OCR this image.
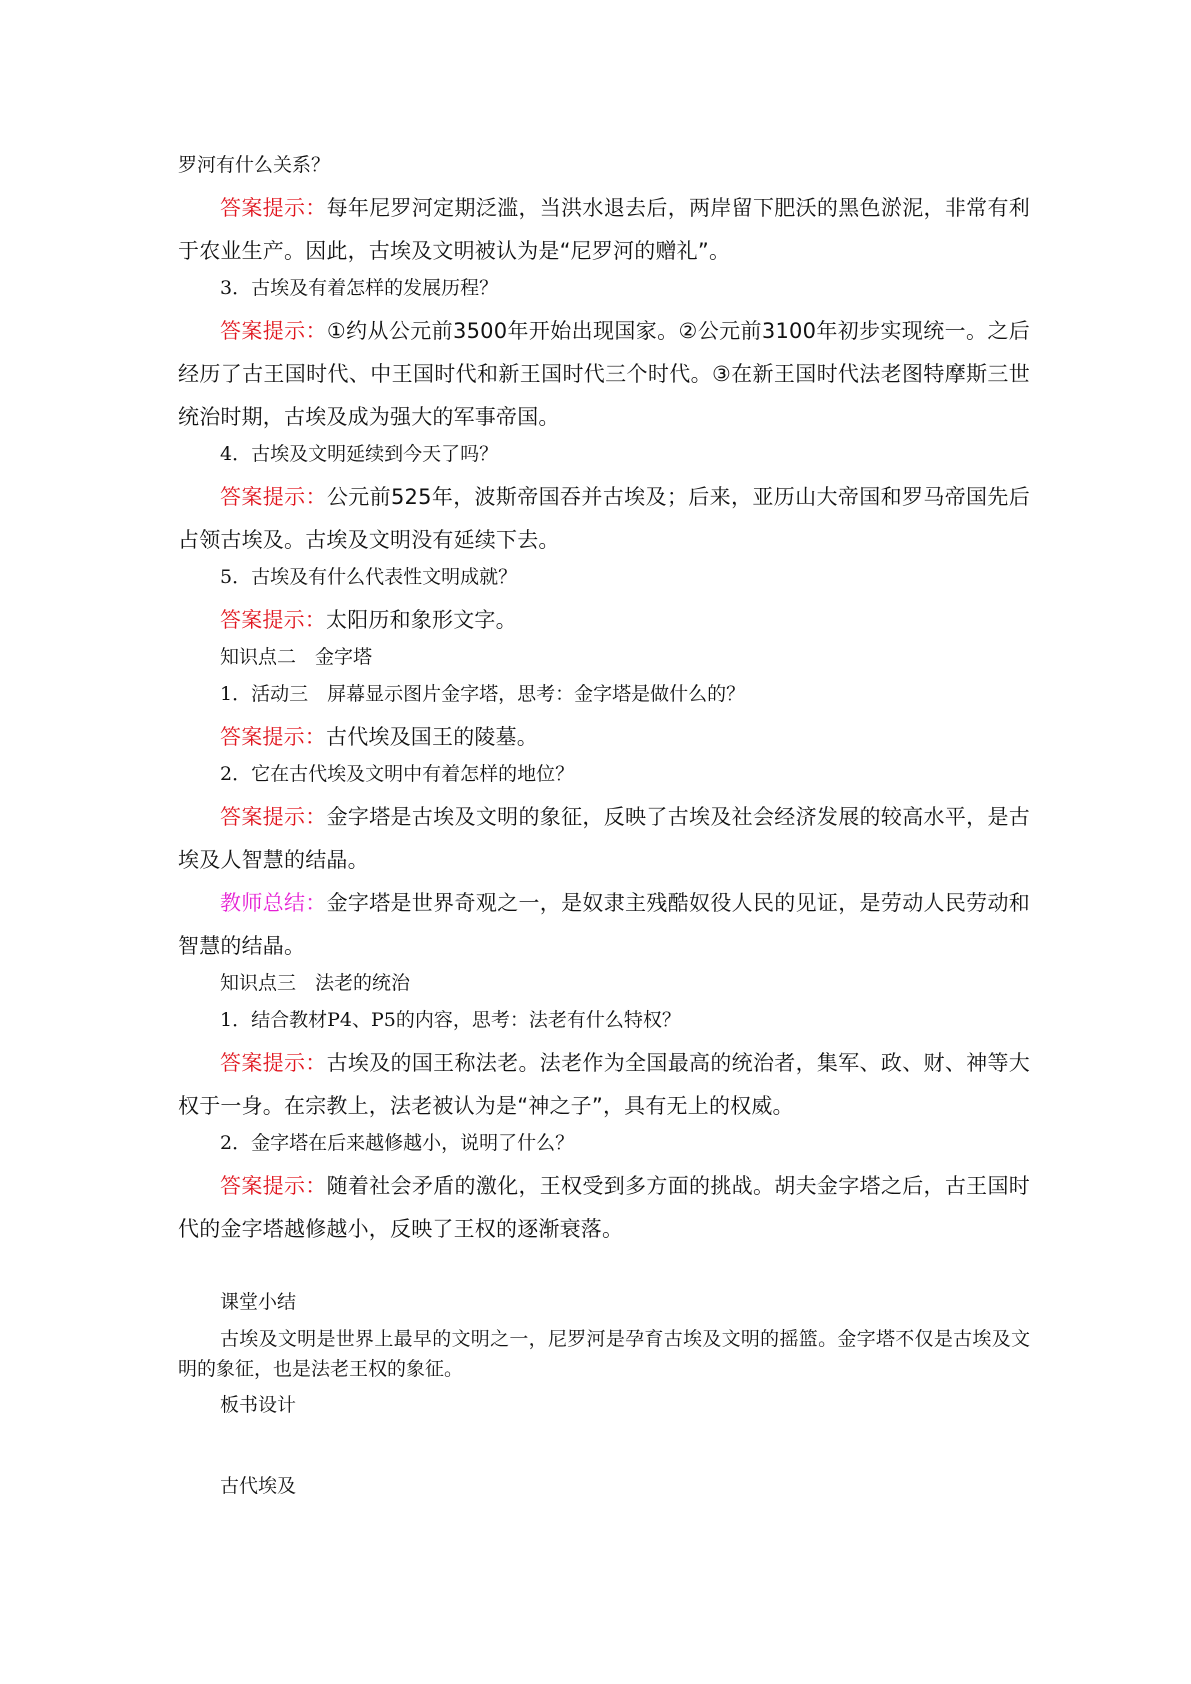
罗河有什么关系？

答案提示：每年尼罗河定期泛滥，当洪水退去后，两岸留下肥沃的黑色淤泥，非常有利于农业生产。因此，古埃及文明被认为是“尼罗河的赠礼”。

3．古埃及有着怎样的发展历程？

答案提示：①约从公元前3500年开始出现国家。②公元前3100年初步实现统一。之后经历了古王国时代、中王国时代和新王国时代三个时代。③在新王国时代法老图特摩斯三世统治时期，古埃及成为强大的军事帝国。

4．古埃及文明延续到今天了吗？

答案提示：公元前525年，波斯帝国吞并古埃及；后来，亚历山大帝国和罗马帝国先后占领古埃及。古埃及文明没有延续下去。

5．古埃及有什么代表性文明成就？

答案提示：太阳历和象形文字。

知识点二　金字塔

1．活动三　屏幕显示图片金字塔，思考：金字塔是做什么的？

答案提示：古代埃及国王的陵墓。

2．它在古代埃及文明中有着怎样的地位？

答案提示：金字塔是古埃及文明的象征，反映了古埃及社会经济发展的较高水平，是古埃及人智慧的结晶。

教师总结：金字塔是世界奇观之一，是奴隶主残酷奴役人民的见证，是劳动人民劳动和智慧的结晶。

知识点三　法老的统治

1．结合教材P4、P5的内容，思考：法老有什么特权？

答案提示：古埃及的国王称法老。法老作为全国最高的统治者，集军、政、财、神等大权于一身。在宗教上，法老被认为是“神之子”，具有无上的权威。

2．金字塔在后来越修越小，说明了什么？

答案提示：随着社会矛盾的激化，王权受到多方面的挑战。胡夫金字塔之后，古王国时代的金字塔越修越小，反映了王权的逐渐衰落。

课堂小结

古埃及文明是世界上最早的文明之一，尼罗河是孕育古埃及文明的摇篮。金字塔不仅是古埃及文明的象征，也是法老王权的象征。

板书设计

古代埃及
